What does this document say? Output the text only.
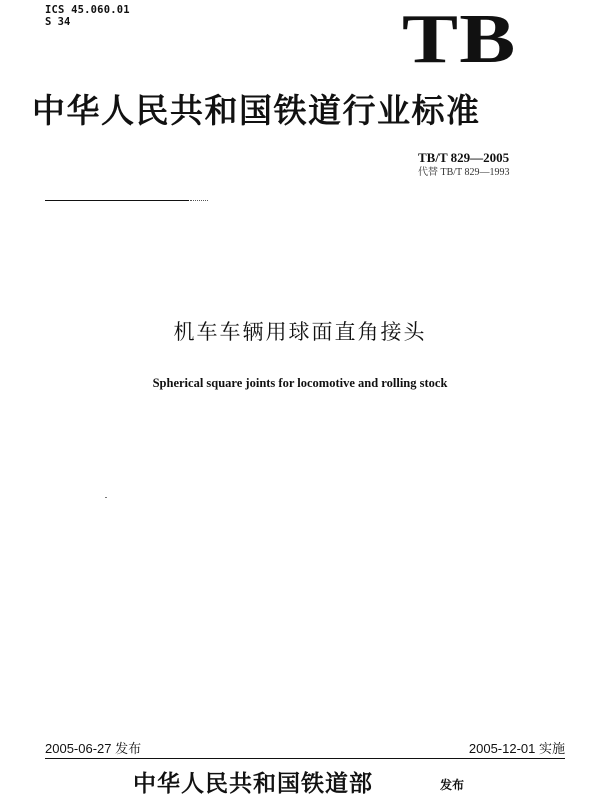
ICS 45.060.01
S 34	TB
中华人民共和国铁道行业标准
TB/T 829—2005
代替 TB/T 829—1993
机车车辆用球面直角接头
Spherical square joints for locomotive and rolling stock
2005-06-27 发布	2005-12-01 实施
中华人民共和国铁道部	发布
